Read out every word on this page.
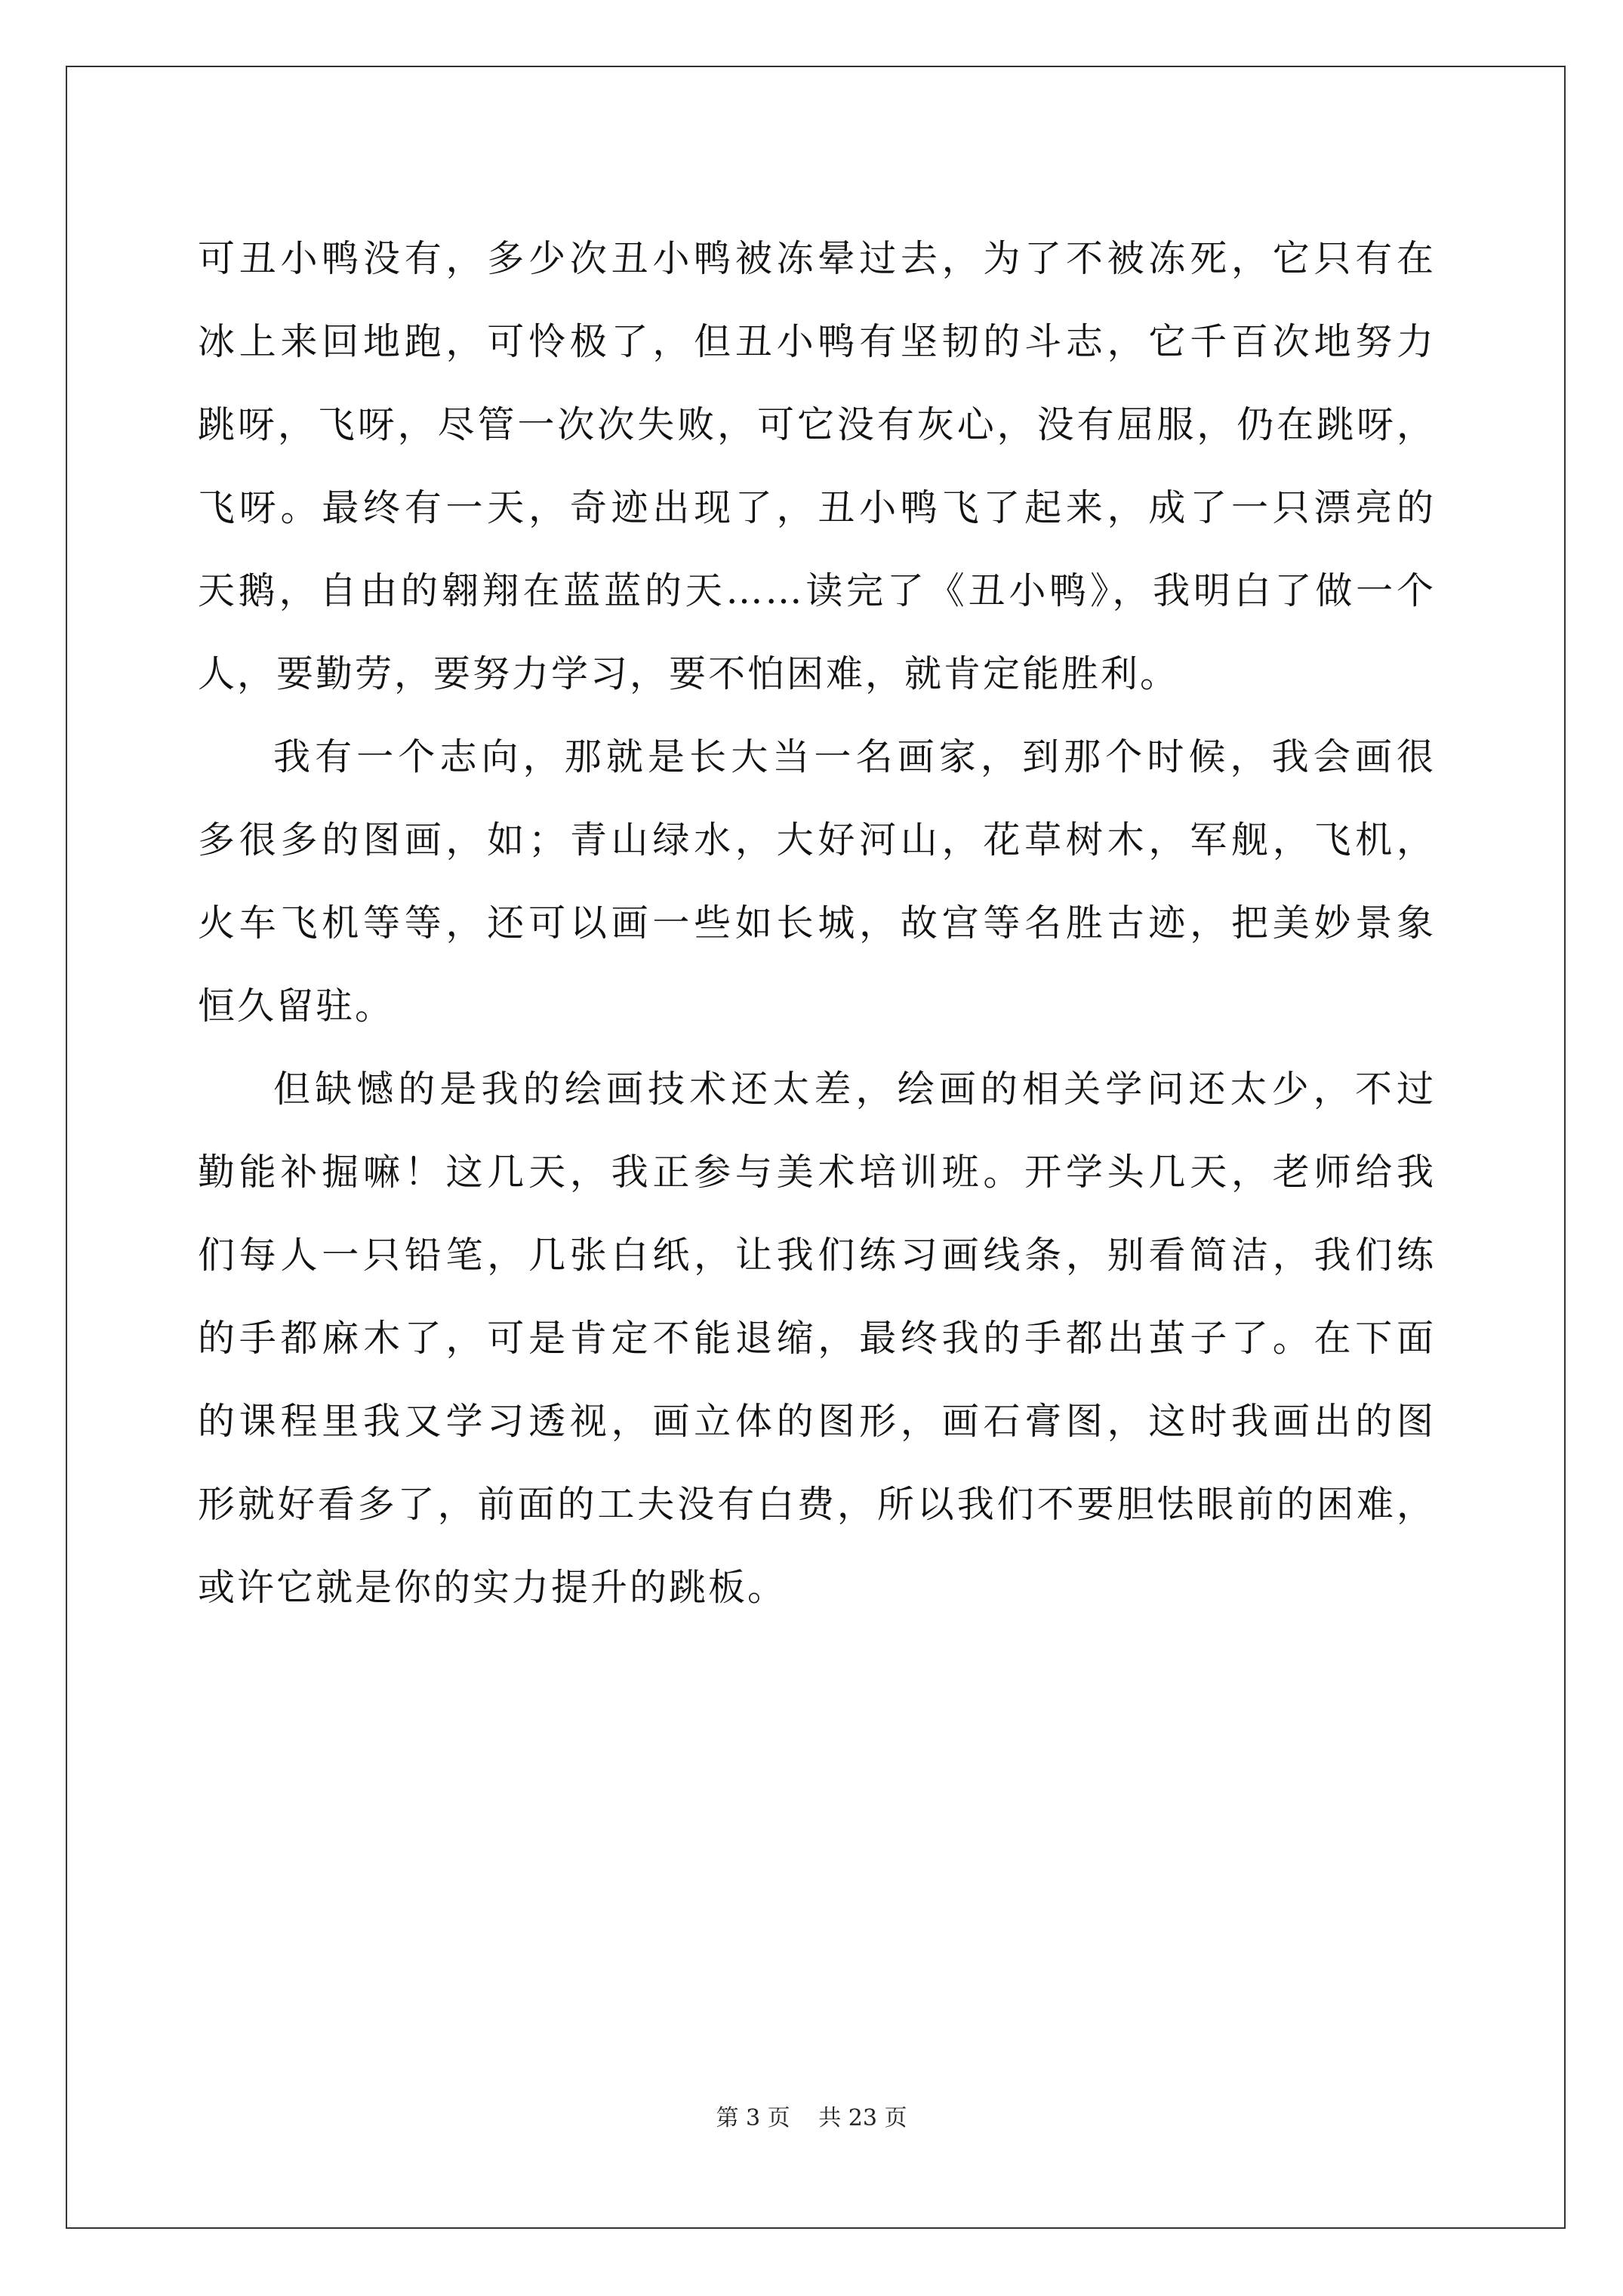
可丑小鸭没有，多少次丑小鸭被冻晕过去，为了不被冻死，它只有在
冰上来回地跑，可怜极了，但丑小鸭有坚韧的斗志，它千百次地努力
跳呀，飞呀，尽管一次次失败，可它没有灰心，没有屈服，仍在跳呀，
飞呀。最终有一天，奇迹出现了，丑小鸭飞了起来，成了一只漂亮的
天鹅，自由的翱翔在蓝蓝的天……读完了《丑小鸭》，我明白了做一个
人，要勤劳，要努力学习，要不怕困难，就肯定能胜利。
我有一个志向，那就是长大当一名画家，到那个时候，我会画很
多很多的图画，如；青山绿水，大好河山，花草树木，军舰，飞机，
火车飞机等等，还可以画一些如长城，故宫等名胜古迹，把美妙景象
恒久留驻。
但缺憾的是我的绘画技术还太差，绘画的相关学问还太少，不过
勤能补掘嘛！这几天，我正参与美术培训班。开学头几天，老师给我
们每人一只铅笔，几张白纸，让我们练习画线条，别看简洁，我们练
的手都麻木了，可是肯定不能退缩，最终我的手都出茧子了。在下面
的课程里我又学习透视，画立体的图形，画石膏图，这时我画出的图
形就好看多了，前面的工夫没有白费，所以我们不要胆怯眼前的困难，
或许它就是你的实力提升的跳板。
第 3 页 共 23 页
